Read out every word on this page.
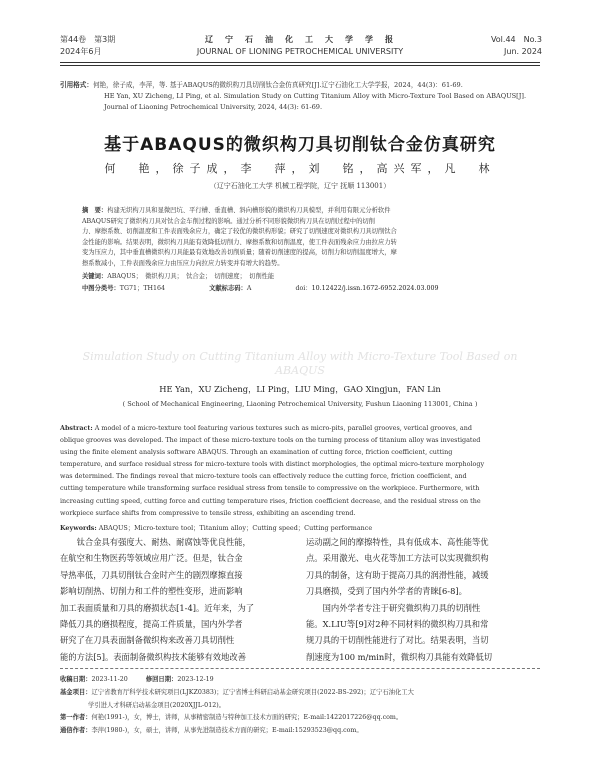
第44卷　第3期
2024年6月
辽　宁　石　油　化　工　大　学　学　报
JOURNAL OF LIONING PETROCHEMICAL UNIVERSITY
Vol.44　No.3
Jun. 2024
引用格式：何艳，徐子成，李萍，等. 基于ABAQUS的微织构刀具切削钛合金仿真研究[J].辽宁石油化工大学学报，2024，44(3)：61-69.
HE Yan, XU Zicheng, LI Ping, et al. Simulation Study on Cutting Titanium Alloy with Micro-Texture Tool Based on ABAQUS[J]. Journal of Liaoning Petrochemical University, 2024, 44(3): 61-69.
基于ABAQUS的微织构刀具切削钛合金仿真研究
何　艳，徐子成，李　萍，刘　铭，高兴军，凡　林
（辽宁石油化工大学 机械工程学院，辽宁 抚顺 113001）
摘　要：构建无织构刀具和显微凹坑、平行槽、垂直槽、斜向槽形貌的微织构刀具模型，并利用有限元分析软件
ABAQUS研究了微织构刀具对钛合金车削过程的影响。通过分析不同形貌微织构刀具在切削过程中的切削
力、摩擦系数、切削温度和工件表面残余应力，确定了较优的微织构形貌；研究了切削速度对微织构刀具切削钛合
金性能的影响。结果表明，微织构刀具能有效降低切削力、摩擦系数和切削温度，使工件表面残余应力由拉应力转
变为压应力，其中垂直槽微织构刀具能最有效地改善切削质量；随着切削速度的提高，切削力和切削温度增大，摩
擦系数减小，工件表面残余应力由压应力向拉应力转变并有增大的趋势。
关键词：ABAQUS；　微织构刀具；　钛合金；　切削速度；　切削性能
中图分类号：TG71；TH164	文献标志码：A	doi：10.12422/j.issn.1672-6952.2024.03.009
Simulation Study on Cutting Titanium Alloy with Micro-Texture Tool Based on ABAQUS
HE Yan，XU Zicheng，LI Ping，LIU Ming，GAO Xingjun，FAN Lin
( School of Mechanical Engineering, Liaoning Petrochemical University, Fushun Liaoning 113001, China )
Abstract: A model of a micro-texture tool featuring various textures such as micro-pits, parallel grooves, vertical grooves, and
oblique grooves was developed. The impact of these micro-texture tools on the turning process of titanium alloy was investigated
using the finite element analysis software ABAQUS. Through an examination of cutting force, friction coefficient, cutting
temperature, and surface residual stress for micro-texture tools with distinct morphologies, the optimal micro-texture morphology
was determined. The findings reveal that micro-texture tools can effectively reduce the cutting force, friction coefficient, and
cutting temperature while transforming surface residual stress from tensile to compressive on the workpiece. Furthermore, with
increasing cutting speed, cutting force and cutting temperature rises, friction coefficient decrease, and the residual stress on the
workpiece surface shifts from compressive to tensile stress, exhibiting an ascending trend.
Keywords: ABAQUS；Micro-texture tool；Titanium alloy；Cutting speed；Cutting performance
　　钛合金具有强度大、耐热、耐腐蚀等优良性能，
在航空和生物医药等领域应用广泛。但是，钛合金
导热率低，刀具切削钛合金时产生的剧烈摩擦直接
影响切削热、切削力和工件的塑性变形，进而影响
加工表面质量和刀具的磨损状态[1-4]。近年来，为了
降低刀具的磨损程度，提高工件质量，国内外学者
研究了在刀具表面制备微织构来改善刀具切削性
能的方法[5]。表面制备微织构技术能够有效地改善
运动副之间的摩擦特性，具有低成本、高性能等优
点。采用激光、电火花等加工方法可以实现微织构
刀具的制备，这有助于提高刀具的润滑性能，减缓
刀具磨损，受到了国内外学者的青睐[6-8]。
　　国内外学者专注于研究微织构刀具的切削性
能。X.LIU等[9]对2种不同材料的微织构刀具和常
规刀具的干切削性能进行了对比。结果表明，当切
削速度为100 m/min时，微织构刀具能有效降低切
收稿日期：2023-11-20	修回日期：2023-12-19
基金项目：辽宁省教育厅科学技术研究项目(LJKZ0383)；辽宁省博士科研启动基金研究项目(2022-BS-292)；辽宁石油化工大
学引进人才科研启动基金项目(2020XJJL-012)。
第一作者：何艳(1991-)，女，博士，讲师，从事精密制造与特种加工技术方面的研究；E-mail:1422017226@qq.com。
通信作者：李萍(1980-)，女，硕士，讲师，从事先进制造技术方面的研究；E-mail:15293523@qq.com。
